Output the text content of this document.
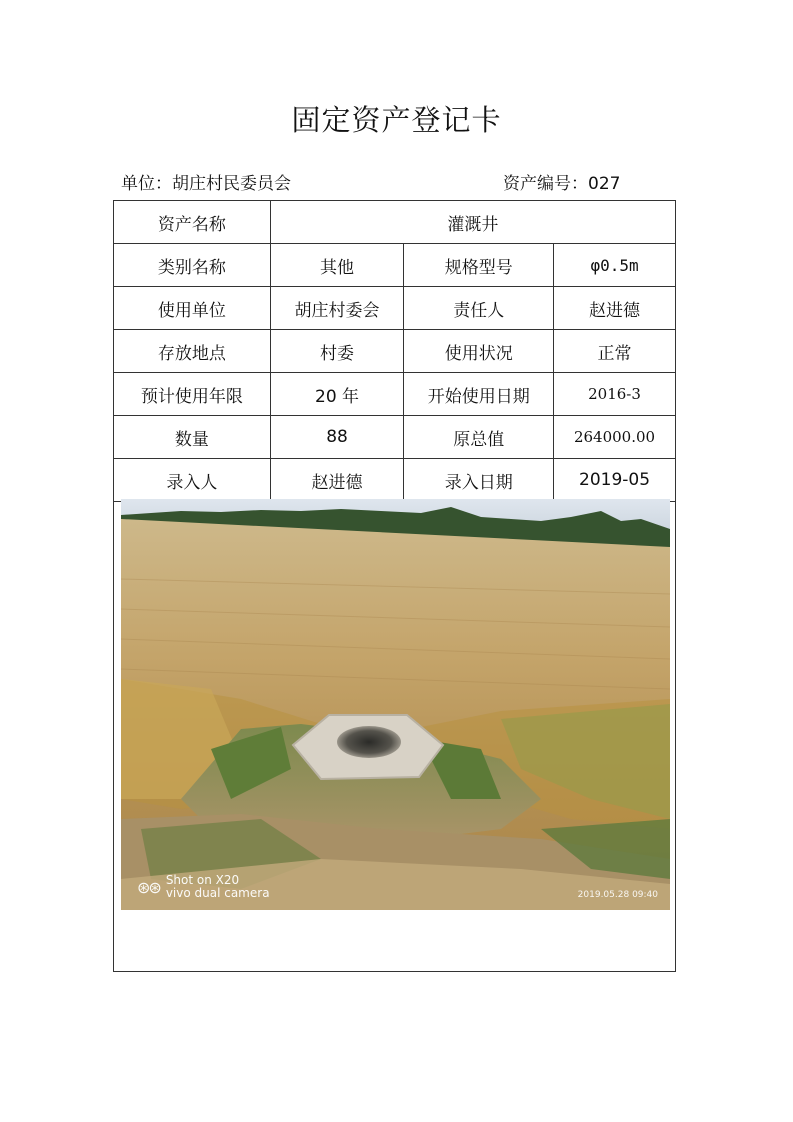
固定资产登记卡
单位：胡庄村民委员会	资产编号：027
资产名称	灌溉井		
类别名称	其他	规格型号	φ0.5m
使用单位	胡庄村委会	责任人	赵进德
存放地点	村委	使用状况	正常
预计使用年限	20 年	开始使用日期	2016-3
数量	88	原总值	264000.00
录入人	赵进德	录入日期	2019-05
⊛⊛ Shot on X20
vivo dual camera	2019.05.28 09:40
